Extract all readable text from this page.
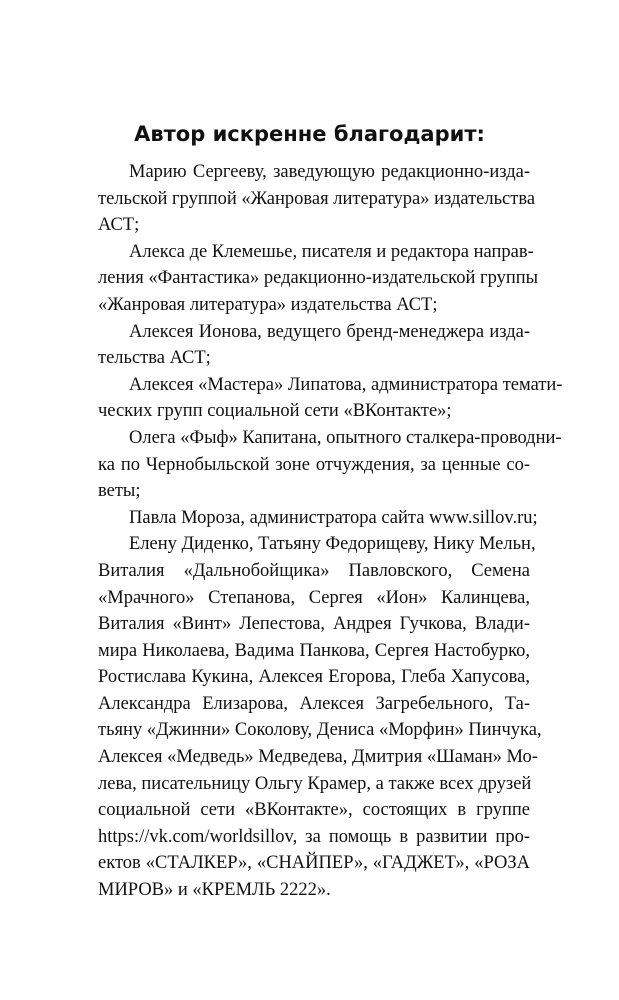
Автор искренне благодарит:
Марию Сергееву, заведующую редакционно-изда-
тельской группой «Жанровая литература» издательства
АСТ;
Алекса де Клемешье, писателя и редактора направ-
ления «Фантастика» редакционно-издательской группы
«Жанровая литература» издательства АСТ;
Алексея Ионова, ведущего бренд-менеджера изда-
тельства АСТ;
Алексея «Мастера» Липатова, администратора темати-
ческих групп социальной сети «ВКонтакте»;
Олега «Фыф» Капитана, опытного сталкера-проводни-
ка по Чернобыльской зоне отчуждения, за ценные со-
веты;
Павла Мороза, администратора сайта www.sillov.ru;
Елену Диденко, Татьяну Федорищеву, Нику Мельн,
Виталия «Дальнобойщика» Павловского, Семена
«Мрачного» Степанова, Сергея «Ион» Калинцева,
Виталия «Винт» Лепестова, Андрея Гучкова, Влади-
мира Николаева, Вадима Панкова, Сергея Настобурко,
Ростислава Кукина, Алексея Егорова, Глеба Хапусова,
Александра Елизарова, Алексея Загребельного, Та-
тьяну «Джинни» Соколову, Дениса «Морфин» Пинчука,
Алексея «Медведь» Медведева, Дмитрия «Шаман» Мо-
лева, писательницу Ольгу Крамер, а также всех друзей
социальной сети «ВКонтакте», состоящих в группе
https://vk.com/worldsillov, за помощь в развитии про-
ектов «СТАЛКЕР», «СНАЙПЕР», «ГАДЖЕТ», «РОЗА
МИРОВ» и «КРЕМЛЬ 2222».
